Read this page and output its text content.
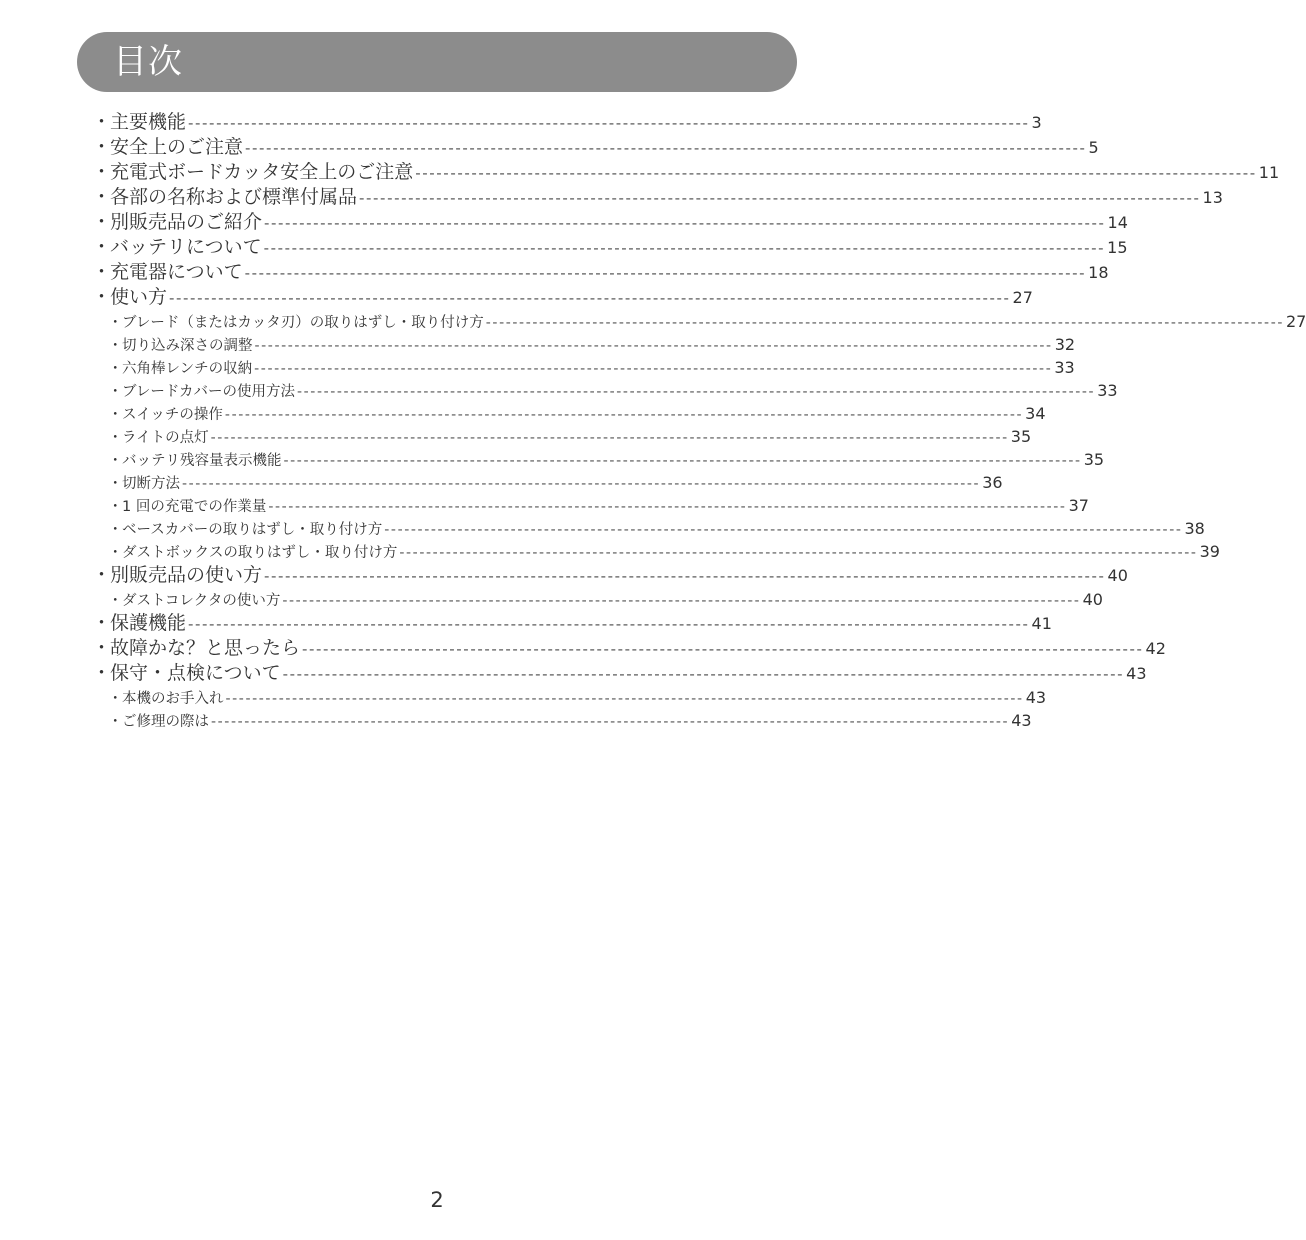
目次
・
主要機能 ------------------------------------------------------------------------------------------------------------------------ 3
・
安全上のご注意 ------------------------------------------------------------------------------------------------------------------------ 5
・
充電式ボードカッタ安全上のご注意 ------------------------------------------------------------------------------------------------------------------------ 11
・
各部の名称および標準付属品 ------------------------------------------------------------------------------------------------------------------------ 13
・
別販売品のご紹介 ------------------------------------------------------------------------------------------------------------------------ 14
・
バッテリについて ------------------------------------------------------------------------------------------------------------------------ 15
・
充電器について ------------------------------------------------------------------------------------------------------------------------ 18
・
使い方 ------------------------------------------------------------------------------------------------------------------------ 27
・ ブレード（またはカッタ刃）の取りはずし・取り付け方 ------------------------------------------------------------------------------------------------------------------------ 27
・ 切り込み深さの調整 ------------------------------------------------------------------------------------------------------------------------ 32
・ 六角棒レンチの収納 ------------------------------------------------------------------------------------------------------------------------ 33
・ ブレードカバーの使用方法 ------------------------------------------------------------------------------------------------------------------------ 33
・ スイッチの操作 ------------------------------------------------------------------------------------------------------------------------ 34
・ ライトの点灯 ------------------------------------------------------------------------------------------------------------------------ 35
・ バッテリ残容量表示機能 ------------------------------------------------------------------------------------------------------------------------ 35
・ 切断方法 ------------------------------------------------------------------------------------------------------------------------ 36
・ 1 回の充電での作業量 ------------------------------------------------------------------------------------------------------------------------ 37
・ ベースカバーの取りはずし・取り付け方 ------------------------------------------------------------------------------------------------------------------------ 38
・ ダストボックスの取りはずし・取り付け方 ------------------------------------------------------------------------------------------------------------------------ 39
・
別販売品の使い方 ------------------------------------------------------------------------------------------------------------------------ 40
・ ダストコレクタの使い方 ------------------------------------------------------------------------------------------------------------------------ 40
・
保護機能 ------------------------------------------------------------------------------------------------------------------------ 41
・
故障かな？と思ったら ------------------------------------------------------------------------------------------------------------------------ 42
・
保守・点検について ------------------------------------------------------------------------------------------------------------------------ 43
・ 本機のお手入れ ------------------------------------------------------------------------------------------------------------------------ 43
・ ご修理の際は ------------------------------------------------------------------------------------------------------------------------ 43
2
